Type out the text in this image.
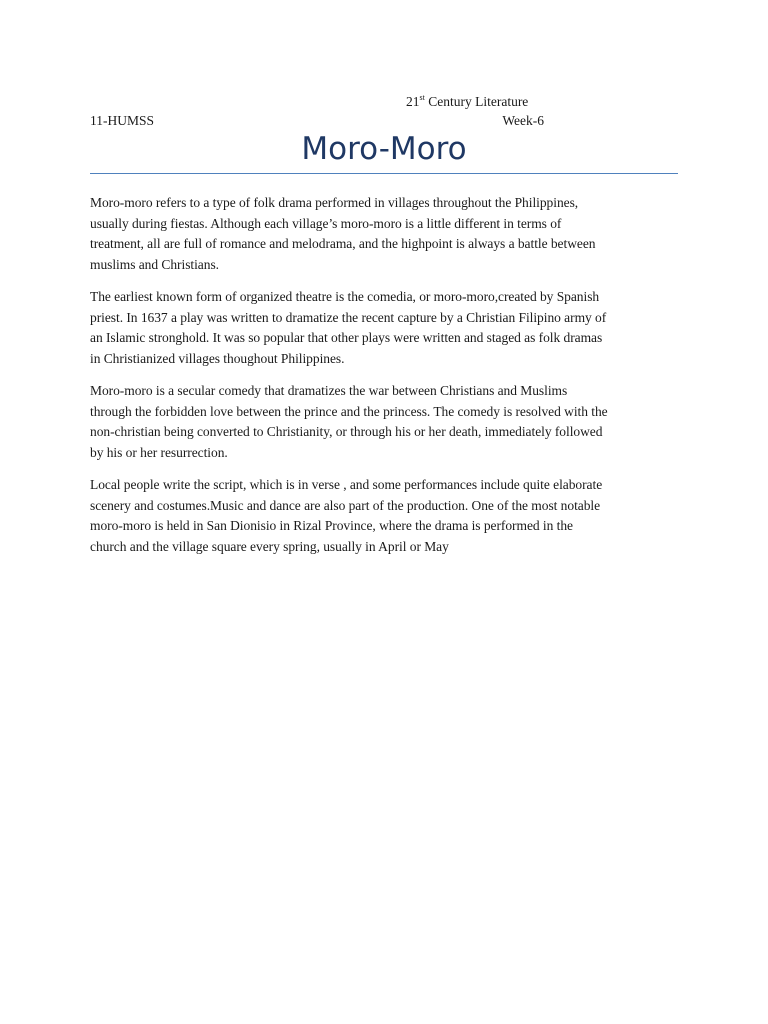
21st Century Literature
11-HUMSS	Week-6
Moro-Moro

Moro-moro refers to a type of folk drama performed in villages throughout the Philippines,
usually during fiestas. Although each village’s moro-moro is a little different in terms of
treatment, all are full of romance and melodrama, and the highpoint is always a battle between
muslims and Christians.

The earliest known form of organized theatre is the comedia, or moro-moro,created by Spanish
priest. In 1637 a play was written to dramatize the recent capture by a Christian Filipino army of
an Islamic stronghold. It was so popular that other plays were written and staged as folk dramas
in Christianized villages thoughout Philippines.

Moro-moro is a secular comedy that dramatizes the war between Christians and Muslims
through the forbidden love between the prince and the princess. The comedy is resolved with the
non-christian being converted to Christianity, or through his or her death, immediately followed
by his or her resurrection.

Local people write the script, which is in verse , and some performances include quite elaborate
scenery and costumes.Music and dance are also part of the production. One of the most notable
moro-moro is held in San Dionisio in Rizal Province, where the drama is performed in the
church and the village square every spring, usually in April or May
